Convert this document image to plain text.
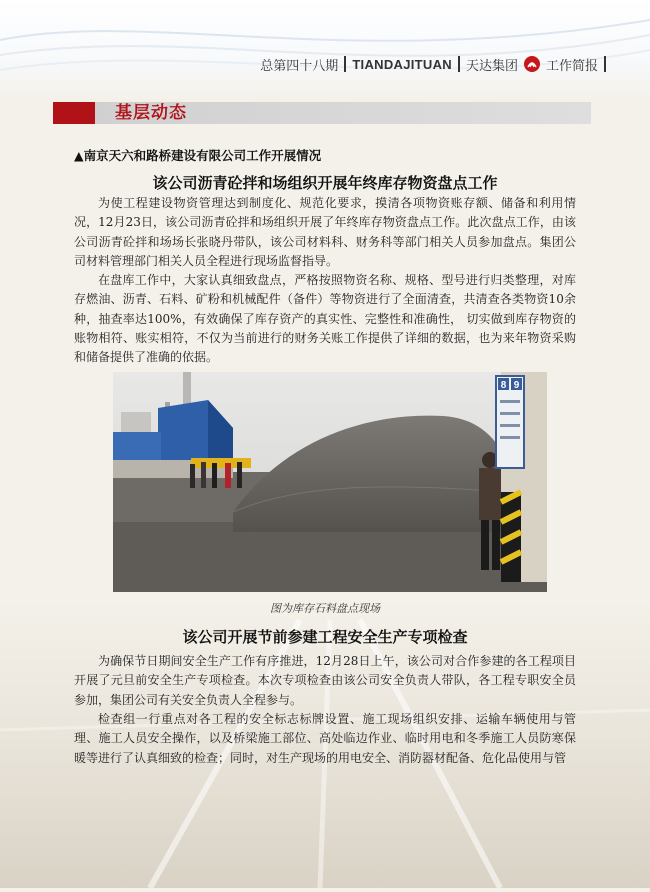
总第四十八期 TIANDAJITUAN 天达集团 工作简报
基层动态
▲南京天六和路桥建设有限公司工作开展情况
该公司沥青砼拌和场组织开展年终库存物资盘点工作

为使工程建设物资管理达到制度化、规范化要求，摸清各项物资账存额、储备和利用情况，12月23日，该公司沥青砼拌和场组织开展了年终库存物资盘点工作。此次盘点工作，由该公司沥青砼拌和场场长张晓丹带队，该公司材料科、财务科等部门相关人员参加盘点。集团公司材料管理部门相关人员全程进行现场监督指导。

在盘库工作中，大家认真细致盘点，严格按照物资名称、规格、型号进行归类整理，对库存燃油、沥青、石料、矿粉和机械配件（备件）等物资进行了全面清查，共清查各类物资10余种，抽查率达100%，有效确保了库存资产的真实性、完整性和准确性， 切实做到库存物资的账物相符、账实相符，不仅为当前进行的财务关账工作提供了详细的数据，也为来年物资采购和储备提供了准确的依据。

8 9
图为库存石料盘点现场
该公司开展节前参建工程安全生产专项检查

为确保节日期间安全生产工作有序推进，12月28日上午，该公司对合作参建的各工程项目开展了元旦前安全生产专项检查。本次专项检查由该公司安全负责人带队，各工程专职安全员参加，集团公司有关安全负责人全程参与。

检查组一行重点对各工程的安全标志标牌设置、施工现场组织安排、运输车辆使用与管理、施工人员安全操作，以及桥梁施工部位、高处临边作业、临时用电和冬季施工人员防寒保暖等进行了认真细致的检查；同时，对生产现场的用电安全、消防器材配备、危化品使用与管
